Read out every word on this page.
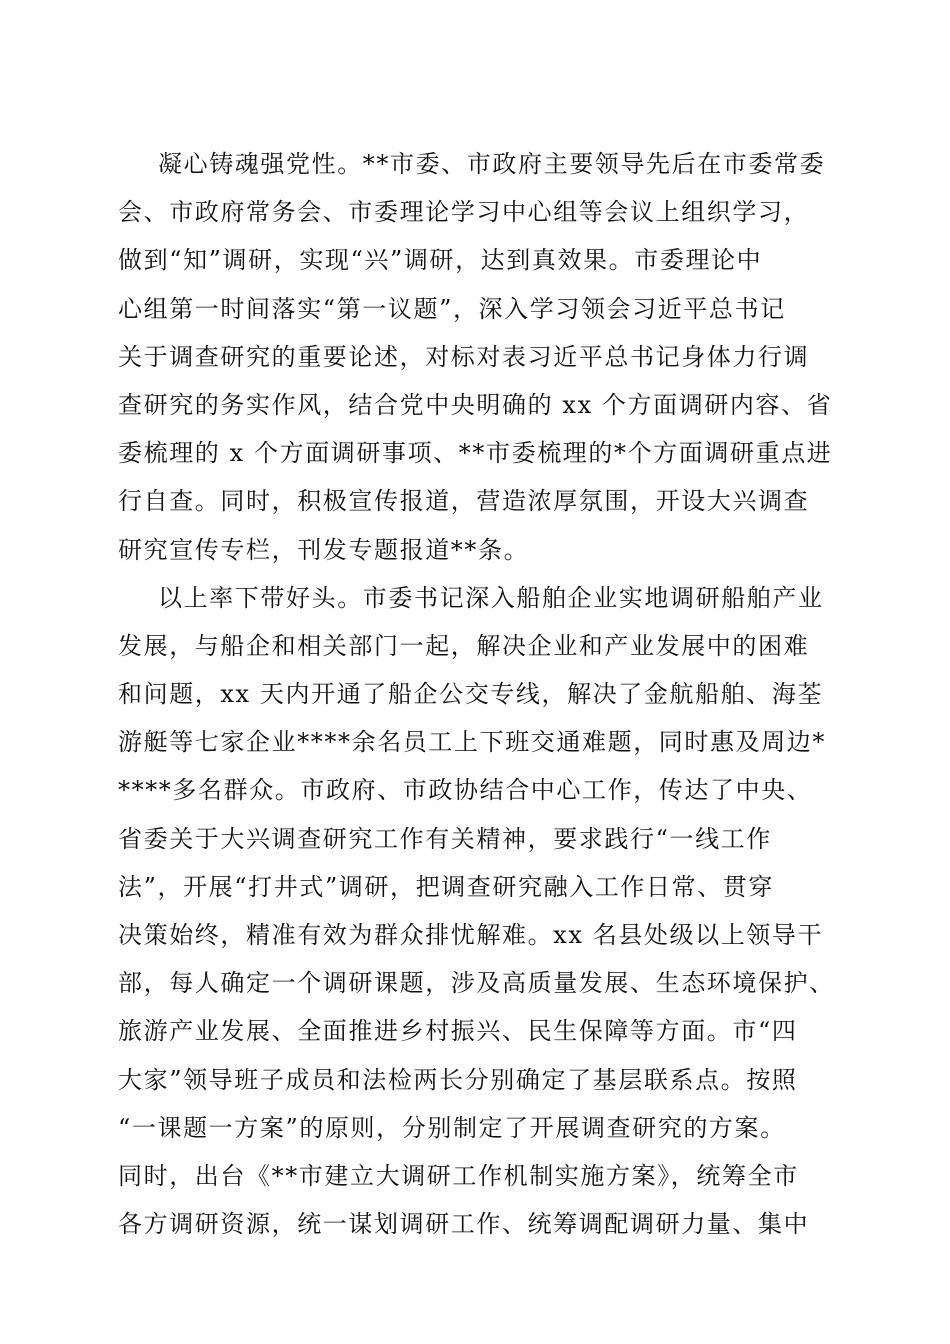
凝心铸魂强党性。**市委、市政府主要领导先后在市委常委
会、市政府常务会、市委理论学习中心组等会议上组织学习，
做到“知”调研，实现“兴”调研，达到真效果。市委理论中
心组第一时间落实“第一议题”，深入学习领会习近平总书记
关于调查研究的重要论述，对标对表习近平总书记身体力行调
查研究的务实作风，结合党中央明确的 xx 个方面调研内容、省
委梳理的 x 个方面调研事项、**市委梳理的*个方面调研重点进
行自查。同时，积极宣传报道，营造浓厚氛围，开设大兴调查
研究宣传专栏，刊发专题报道**条。
以上率下带好头。市委书记深入船舶企业实地调研船舶产业
发展，与船企和相关部门一起，解决企业和产业发展中的困难
和问题，xx 天内开通了船企公交专线，解决了金航船舶、海荃
游艇等七家企业****余名员工上下班交通难题，同时惠及周边*
****多名群众。市政府、市政协结合中心工作，传达了中央、
省委关于大兴调查研究工作有关精神，要求践行“一线工作
法”，开展“打井式”调研，把调查研究融入工作日常、贯穿
决策始终，精准有效为群众排忧解难。xx 名县处级以上领导干
部，每人确定一个调研课题，涉及高质量发展、生态环境保护、
旅游产业发展、全面推进乡村振兴、民生保障等方面。市“四
大家”领导班子成员和法检两长分别确定了基层联系点。按照
“一课题一方案”的原则，分别制定了开展调查研究的方案。
同时，出台《**市建立大调研工作机制实施方案》，统筹全市
各方调研资源，统一谋划调研工作、统筹调配调研力量、集中
